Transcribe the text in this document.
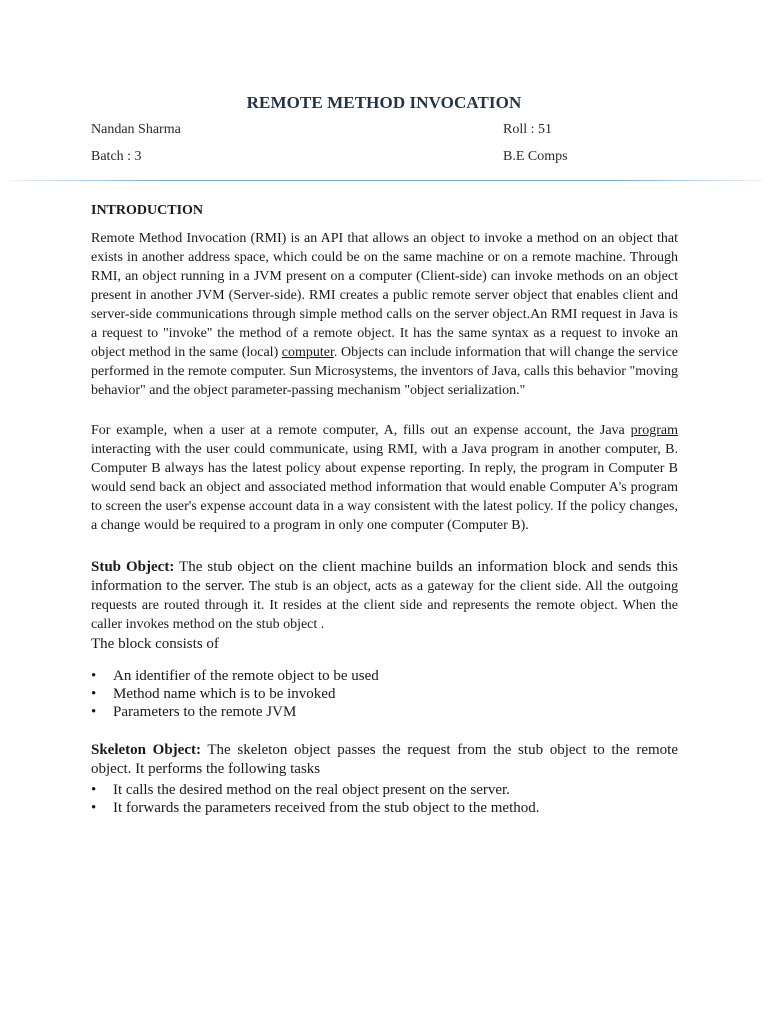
REMOTE METHOD INVOCATION
Nandan Sharma	Roll : 51
Batch : 3	B.E Comps
INTRODUCTION

Remote Method Invocation (RMI) is an API that allows an object to invoke a method on an object that exists in another address space, which could be on the same machine or on a remote machine. Through RMI, an object running in a JVM present on a computer (Client-side) can invoke methods on an object present in another JVM (Server-side). RMI creates a public remote server object that enables client and server-side communications through simple method calls on the server object.An RMI request in Java is a request to "invoke" the method of a remote object. It has the same syntax as a request to invoke an object method in the same (local) computer. Objects can include information that will change the service performed in the remote computer. Sun Microsystems, the inventors of Java, calls this behavior "moving behavior" and the object parameter-passing mechanism "object serialization."

For example, when a user at a remote computer, A, fills out an expense account, the Java program interacting with the user could communicate, using RMI, with a Java program in another computer, B. Computer B always has the latest policy about expense reporting. In reply, the program in Computer B would send back an object and associated method information that would enable Computer A's program to screen the user's expense account data in a way consistent with the latest policy. If the policy changes, a change would be required to a program in only one computer (Computer B).

Stub Object: The stub object on the client machine builds an information block and sends this information to the server. The stub is an object, acts as a gateway for the client side. All the outgoing requests are routed through it. It resides at the client side and represents the remote object. When the caller invokes method on the stub object .

The block consists of
• An identifier of the remote object to be used
• Method name which is to be invoked
• Parameters to the remote JVM

Skeleton Object: The skeleton object passes the request from the stub object to the remote object. It performs the following tasks

• It calls the desired method on the real object present on the server.
• It forwards the parameters received from the stub object to the method.
